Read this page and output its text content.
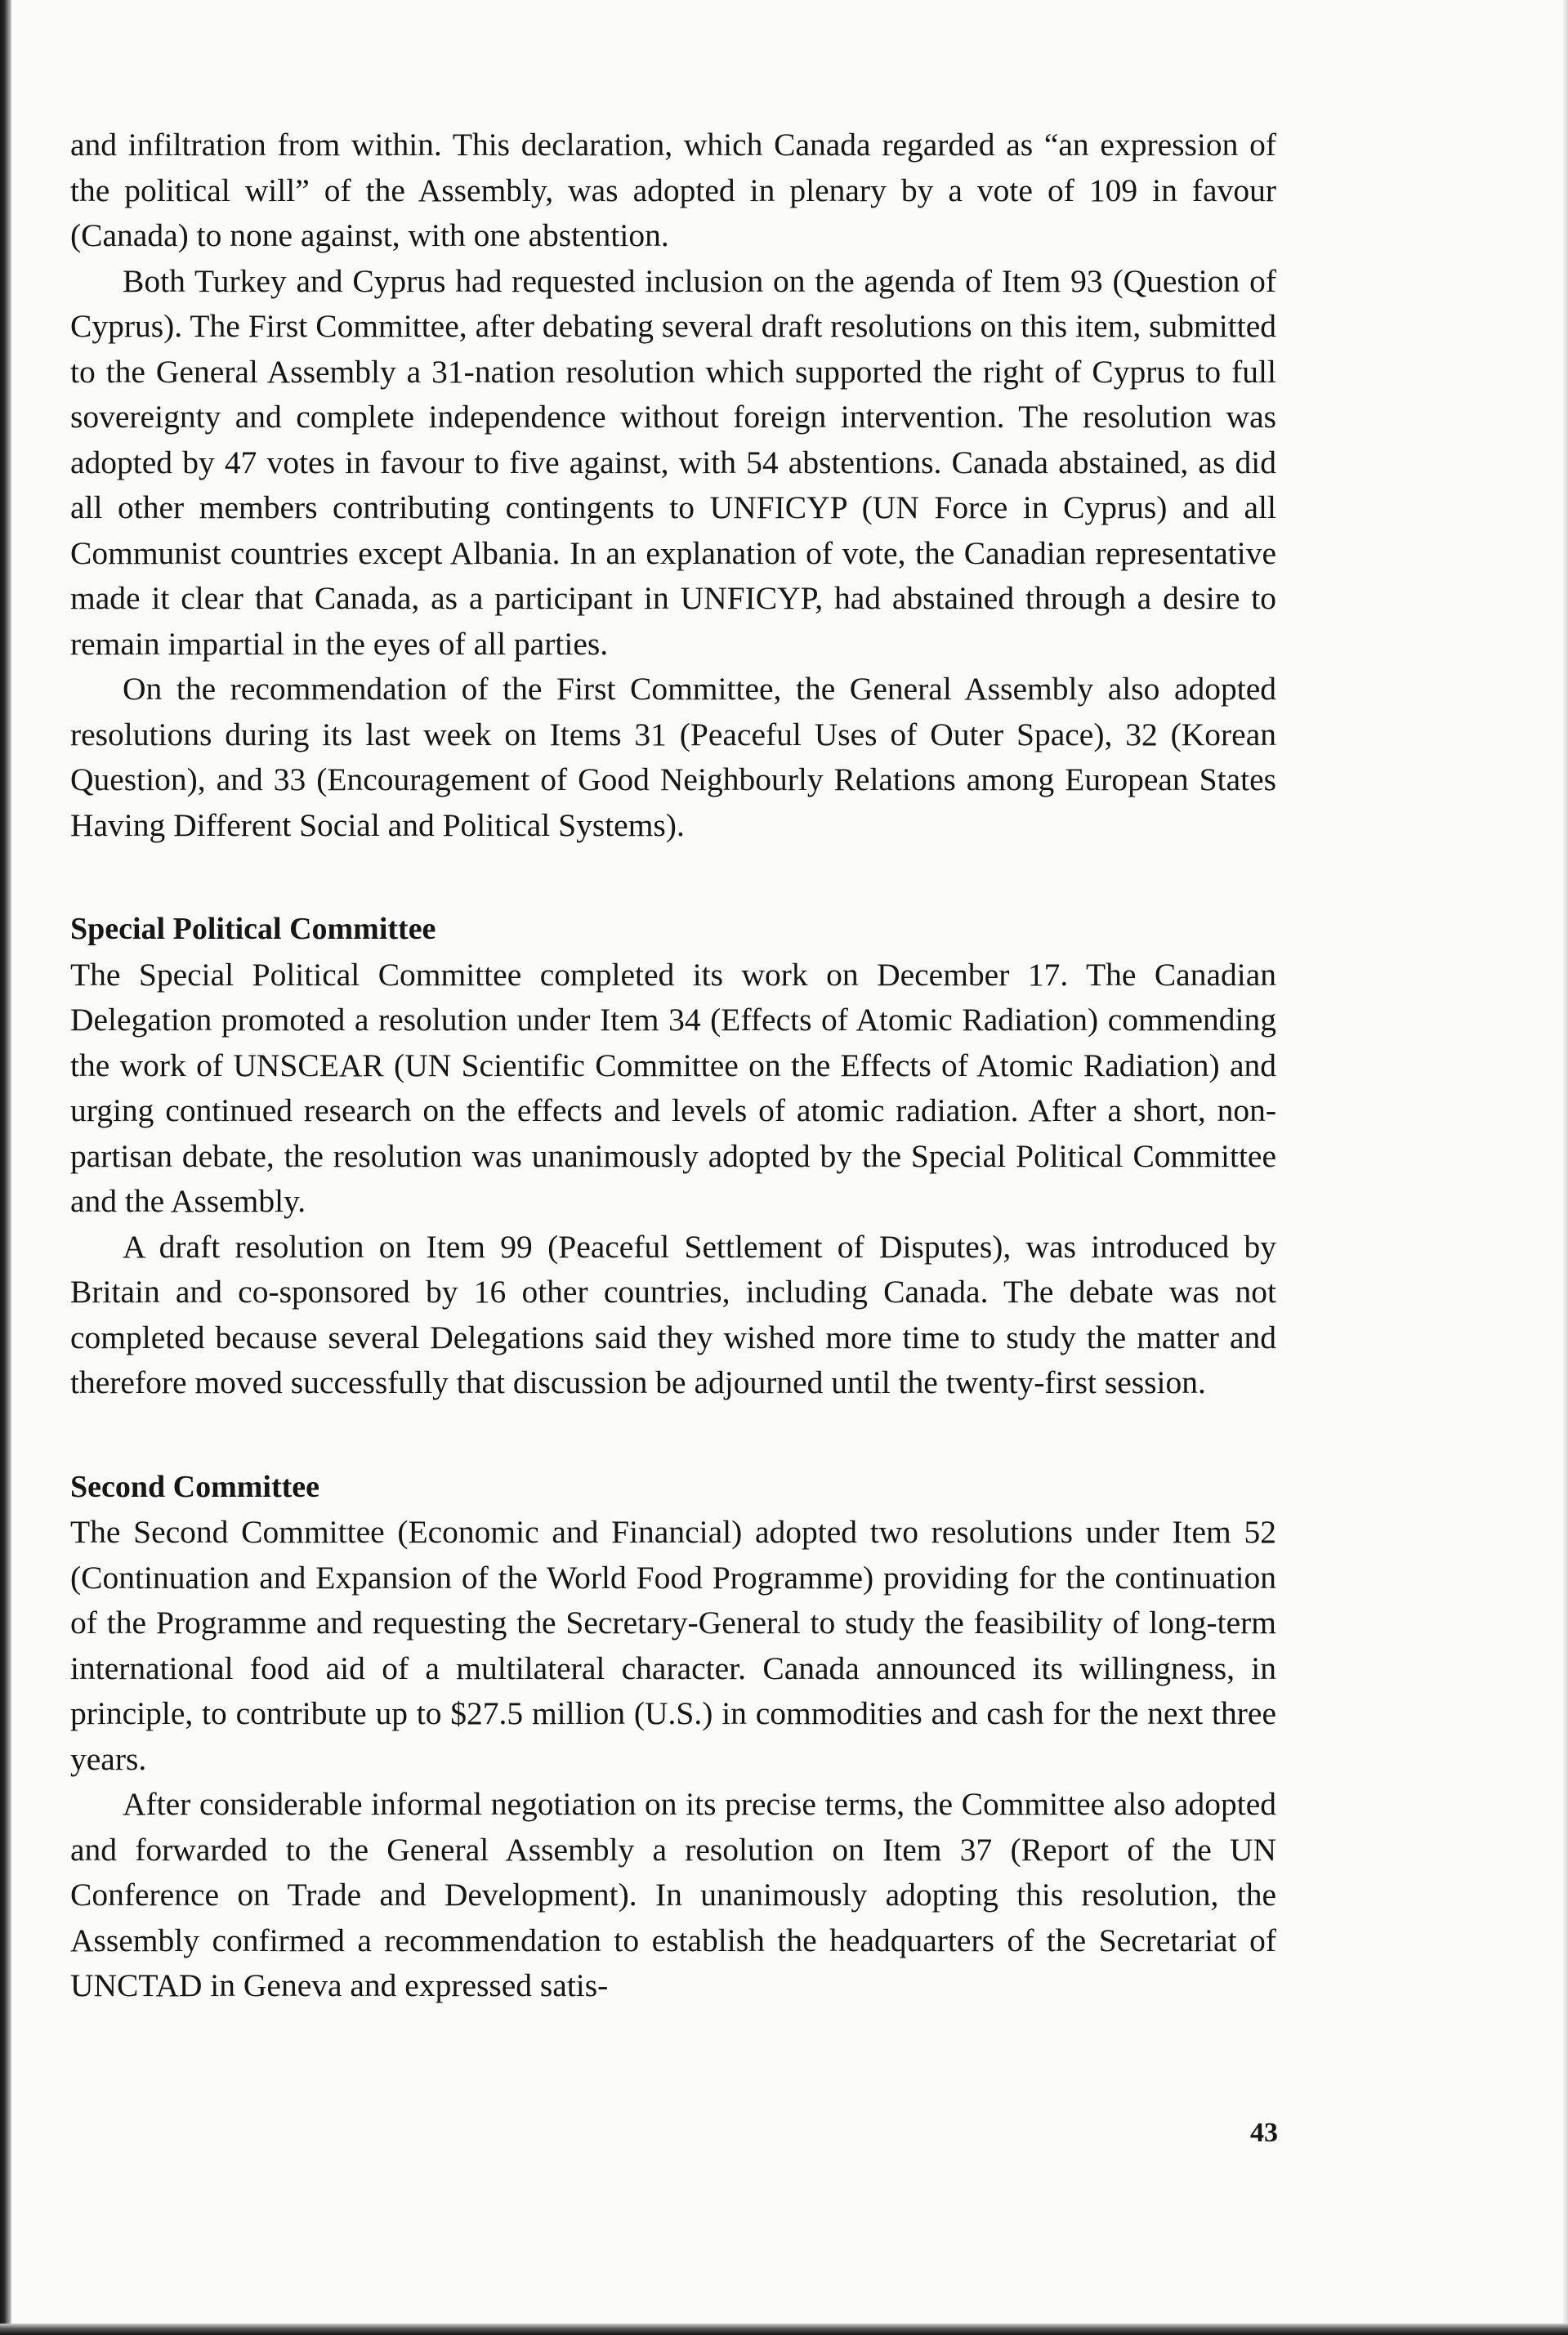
and infiltration from within. This declaration, which Canada regarded as “an expression of the political will” of the Assembly, was adopted in plenary by a vote of 109 in favour (Canada) to none against, with one abstention.

Both Turkey and Cyprus had requested inclusion on the agenda of Item 93 (Question of Cyprus). The First Committee, after debating several draft resolutions on this item, submitted to the General Assembly a 31-nation resolution which supported the right of Cyprus to full sovereignty and complete independence without foreign intervention. The resolution was adopted by 47 votes in favour to five against, with 54 abstentions. Canada abstained, as did all other members contributing contingents to UNFICYP (UN Force in Cyprus) and all Communist countries except Albania. In an explanation of vote, the Canadian representative made it clear that Canada, as a participant in UNFICYP, had abstained through a desire to remain impartial in the eyes of all parties.

On the recommendation of the First Committee, the General Assembly also adopted resolutions during its last week on Items 31 (Peaceful Uses of Outer Space), 32 (Korean Question), and 33 (Encouragement of Good Neighbourly Relations among European States Having Different Social and Political Systems).

Special Political Committee

The Special Political Committee completed its work on December 17. The Canadian Delegation promoted a resolution under Item 34 (Effects of Atomic Radiation) commending the work of UNSCEAR (UN Scientific Committee on the Effects of Atomic Radiation) and urging continued research on the effects and levels of atomic radiation. After a short, non-partisan debate, the resolution was unanimously adopted by the Special Political Committee and the Assembly.

A draft resolution on Item 99 (Peaceful Settlement of Disputes), was introduced by Britain and co-sponsored by 16 other countries, including Canada. The debate was not completed because several Delegations said they wished more time to study the matter and therefore moved successfully that discussion be adjourned until the twenty-first session.

Second Committee

The Second Committee (Economic and Financial) adopted two resolutions under Item 52 (Continuation and Expansion of the World Food Programme) providing for the continuation of the Programme and requesting the Secretary-General to study the feasibility of long-term international food aid of a multilateral character. Canada announced its willingness, in principle, to contribute up to $27.5 million (U.S.) in commodities and cash for the next three years.

After considerable informal negotiation on its precise terms, the Committee also adopted and forwarded to the General Assembly a resolution on Item 37 (Report of the UN Conference on Trade and Development). In unanimously adopting this resolution, the Assembly confirmed a recommendation to establish the headquarters of the Secretariat of UNCTAD in Geneva and expressed satis-

43
